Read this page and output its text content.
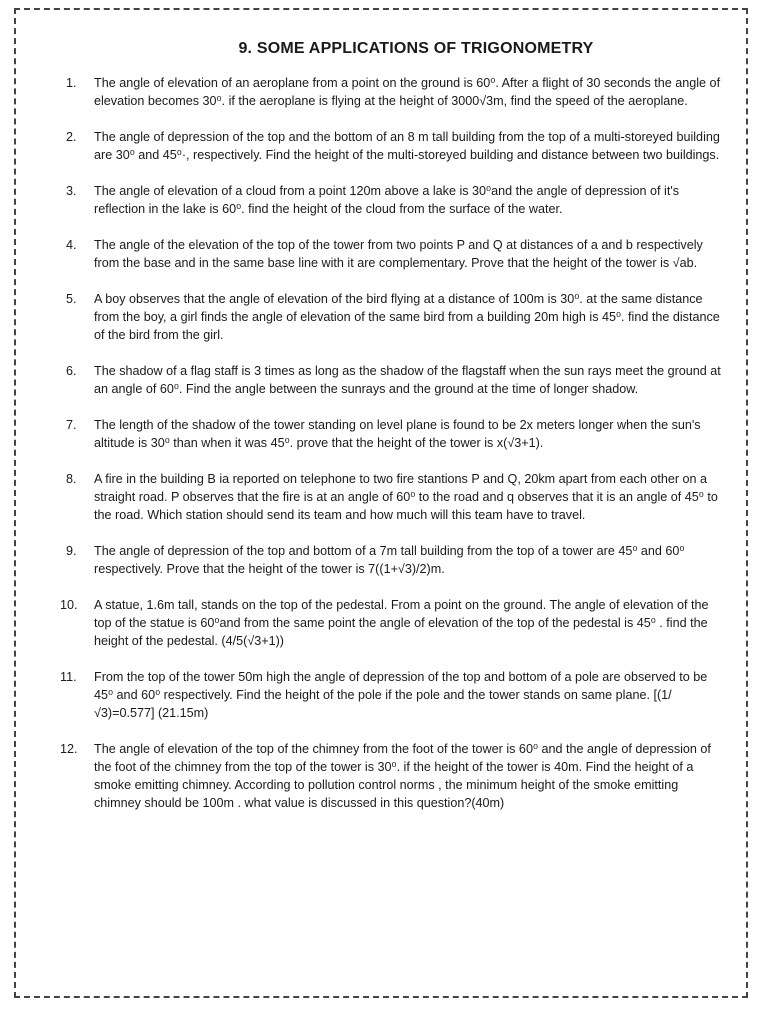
9. SOME APPLICATIONS OF TRIGONOMETRY
1.	The angle of elevation of an aeroplane from a point on the ground is 60⁰. After a flight of 30 seconds the angle of elevation becomes 30⁰. if the aeroplane is flying at the height of 3000√3m, find the speed of the aeroplane.
2.	The angle of depression of the top and the bottom of an 8 m tall building from the top of a multi-storeyed building are 30⁰ and 45⁰·, respectively. Find the height of the multi-storeyed building and distance between two buildings.
3.	The angle of elevation of a cloud from a point 120m above a lake is 30⁰and the angle of depression of it's reflection in the lake is 60⁰. find the height of the cloud from the surface of the water.
4.	The angle of the elevation of the top of the tower from two points P and Q at distances of a and b respectively from the base and in the same base line with it are complementary. Prove that the height of the tower is √ab.
5.	A boy observes that the angle of elevation of the bird flying at a distance of 100m is 30⁰. at the same distance from the boy, a girl finds the angle of elevation of the same bird from a building 20m high is 45⁰. find the distance of the bird from the girl.
6.	The shadow of a flag staff is 3 times as long as the shadow of the flagstaff when the sun rays meet the ground at an angle of 60⁰. Find the angle between the sunrays and the ground at the time of longer shadow.
7.	The length of the shadow of the tower standing on level plane is found to be 2x meters longer when the sun's altitude is 30⁰ than when it was 45⁰. prove that the height of the tower is x(√3+1).
8.	A fire in the building B ia reported on telephone to two fire stantions P and Q, 20km apart from each other on a straight road. P observes that the fire is at an angle of 60⁰ to the road and q observes that it is an angle of 45⁰ to the road. Which station should send its team and how much will this team have to travel.
9.	The angle of depression of the top and bottom of a 7m tall building from the top of a tower are 45⁰ and 60⁰ respectively. Prove that the height of the tower is 7((1+√3)/2)m.
10.	A statue, 1.6m tall, stands on the top of the pedestal. From a point on the ground. The angle of elevation of the top of the statue is 60⁰and from the same point the angle of elevation of the top of the pedestal is 45⁰ . find the height of the pedestal. (4/5(√3+1))
11.	From the top of the tower 50m high the angle of depression of the top and bottom of a pole are observed to be 45⁰ and 60⁰ respectively. Find the height of the pole if the pole and the tower stands on same plane. [(1/√3)=0.577] (21.15m)
12.	The angle of elevation of the top of the chimney from the foot of the tower is 60⁰ and the angle of depression of the foot of the chimney from the top of the tower is 30⁰. if the height of the tower is 40m. Find the height of a smoke emitting chimney. According to pollution control norms , the minimum height of the smoke emitting chimney should be 100m . what value is discussed in this question?(40m)
